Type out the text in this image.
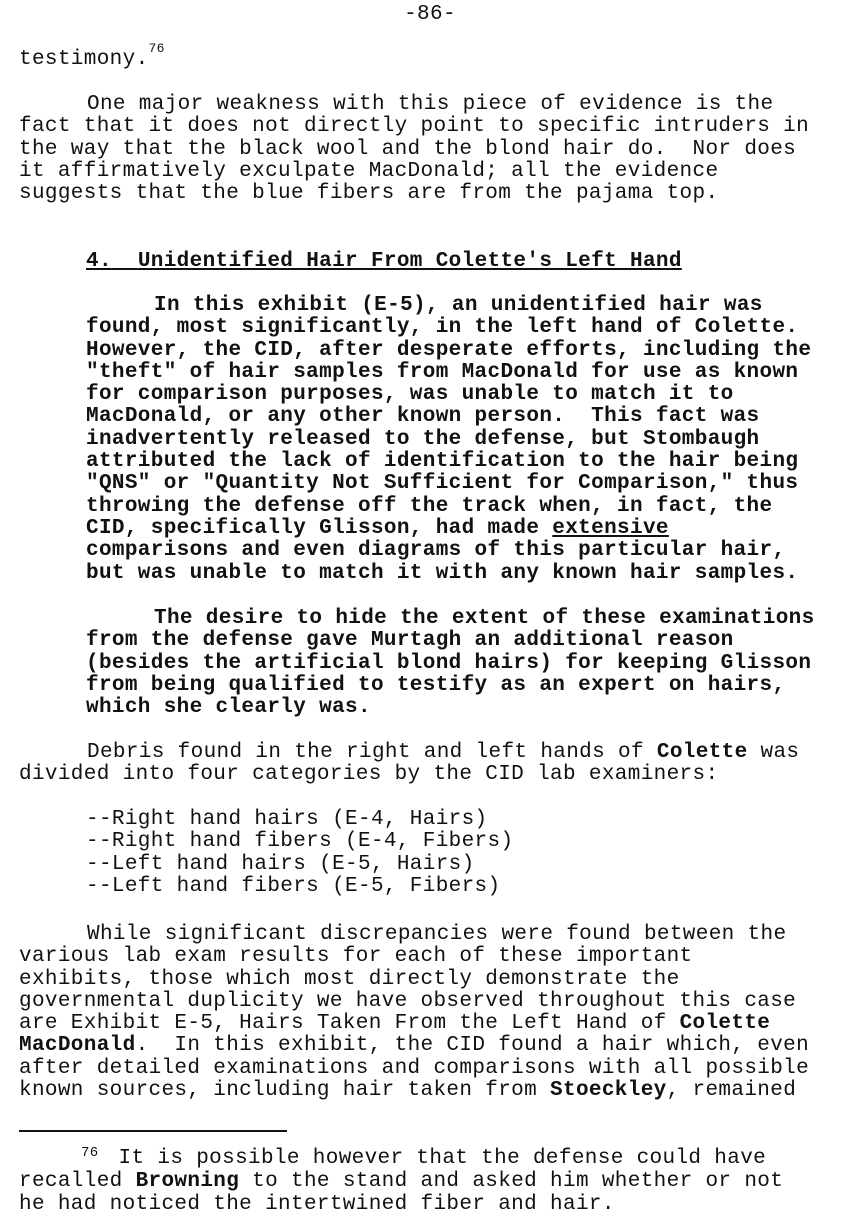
-86-
testimony.$^{76}$
One major weakness with this piece of evidence is the
fact that it does not directly point to specific intruders in
the way that the black wool and the blond hair do.  Nor does
it affirmatively exculpate MacDonald; all the evidence
suggests that the blue fibers are from the pajama top.
4. Unidentified Hair From Colette's Left Hand
In this exhibit (E-5), an unidentified hair was
found, most significantly, in the left hand of Colette.
However, the CID, after desperate efforts, including the
"theft" of hair samples from MacDonald for use as known
for comparison purposes, was unable to match it to
MacDonald, or any other known person.  This fact was
inadvertently released to the defense, but Stombaugh
attributed the lack of identification to the hair being
"QNS" or "Quantity Not Sufficient for Comparison," thus
throwing the defense off the track when, in fact, the
CID, specifically Glisson, had made extensive
comparisons and even diagrams of this particular hair,
but was unable to match it with any known hair samples.
The desire to hide the extent of these examinations
from the defense gave Murtagh an additional reason
(besides the artificial blond hairs) for keeping Glisson
from being qualified to testify as an expert on hairs,
which she clearly was.
Debris found in the right and left hands of Colette was
divided into four categories by the CID lab examiners:
--Right hand hairs (E-4, Hairs)
--Right hand fibers (E-4, Fibers)
--Left hand hairs (E-5, Hairs)
--Left hand fibers (E-5, Fibers)
While significant discrepancies were found between the
various lab exam results for each of these important
exhibits, those which most directly demonstrate the
governmental duplicity we have observed throughout this case
are Exhibit E-5, Hairs Taken From the Left Hand of Colette
MacDonald.  In this exhibit, the CID found a hair which, even
after detailed examinations and comparisons with all possible
known sources, including hair taken from Stoeckley, remained
$^{76}$ It is possible however that the defense could have
recalled Browning to the stand and asked him whether or not
he had noticed the intertwined fiber and hair.
